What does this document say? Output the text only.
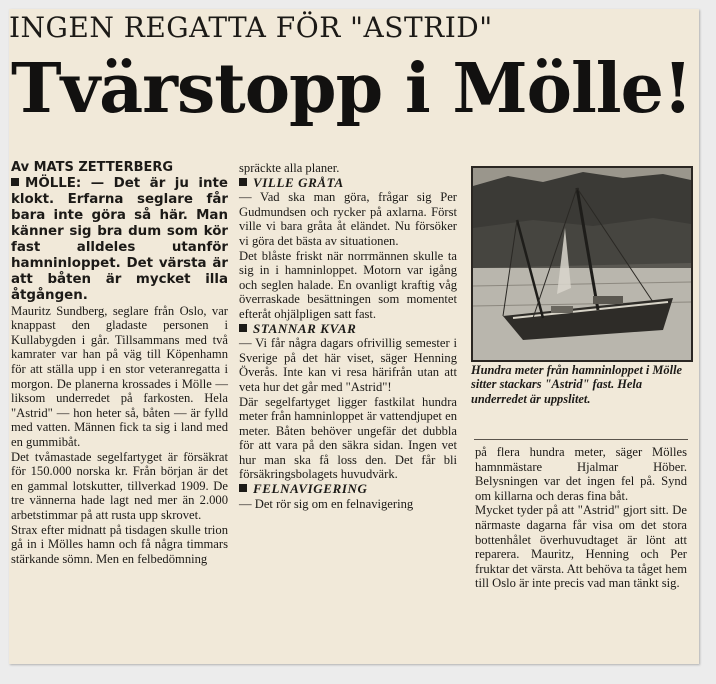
INGEN REGATTA FÖR "ASTRID"
Tvärstopp i Mölle!

Av MATS ZETTERBERG

MÖLLE: — Det är ju inte klokt. Erfarna seglare får bara inte göra så här. Man känner sig bra dum som kör fast alldeles utanför hamninloppet. Det värsta är att båten är mycket illa åtgången.

Mauritz Sundberg, seglare från Oslo, var knappast den gladaste personen i Kullabygden i går. Tillsammans med två kamrater var han på väg till Köpenhamn för att ställa upp i en stor veteranregatta i morgon. De planerna krossades i Mölle — liksom underredet på farkosten. Hela "Astrid" — hon heter så, båten — är fylld med vatten. Männen fick ta sig i land med en gummibåt.

Det tvåmastade segelfartyget är försäkrat för 150.000 norska kr. Från början är det en gammal lotskutter, tillverkad 1909. De tre vännerna hade lagt ned mer än 2.000 arbetstimmar på att rusta upp skrovet.

Strax efter midnatt på tisdagen skulle trion gå in i Mölles hamn och få några timmars stärkande sömn. Men en felbedömning

spräckte alla planer.

VILLE GRÅTA

— Vad ska man göra, frågar sig Per Gudmundsen och rycker på axlarna. Först ville vi bara gråta åt eländet. Nu försöker vi göra det bästa av situationen.

Det blåste friskt när norrmännen skulle ta sig in i hamninloppet. Motorn var igång och seglen halade. En ovanligt kraftig våg överraskade besättningen som momentet efteråt ohjälpligen satt fast.

STANNAR KVAR

— Vi får några dagars ofrivillig semester i Sverige på det här viset, säger Henning Överås. Inte kan vi resa härifrån utan att veta hur det går med "Astrid"!

Där segelfartyget ligger fastkilat hundra meter från hamninloppet är vattendjupet en meter. Båten behöver ungefär det dubbla för att vara på den säkra sidan. Ingen vet hur man ska få loss den. Det får bli försäkringsbolagets huvudvärk.

FELNAVIGERING

— Det rör sig om en felnavigering

Hundra meter från hamninloppet i Mölle sitter stackars "Astrid" fast. Hela underredet är uppslitet.

på flera hundra meter, säger Mölles hamnmästare Hjalmar Höber. Belysningen var det ingen fel på. Synd om killarna och deras fina båt.

Mycket tyder på att "Astrid" gjort sitt. De närmaste dagarna får visa om det stora bottenhålet överhuvudtaget är lönt att reparera. Mauritz, Henning och Per fruktar det värsta. Att behöva ta tåget hem till Oslo är inte precis vad man tänkt sig.
